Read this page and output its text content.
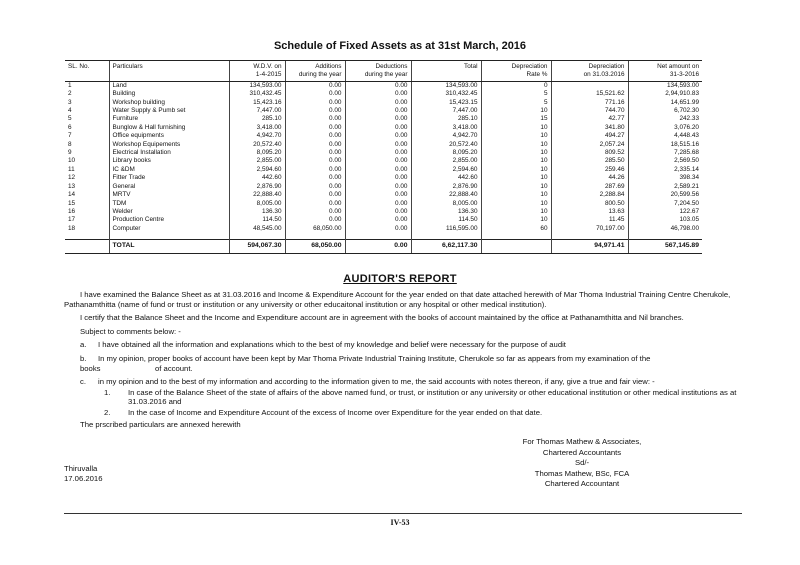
Schedule of Fixed Assets as at 31st March, 2016
SL. No.	Particulars	W.D.V. on	Additions	Deductions	Total	Depreciation	Depreciation	Net amount on
		1-4-2015	during the year	during the year		Rate %	on 31.03.2016	31-3-2016
1	Land	134,593.00	0.00	0.00	134,593.00	0		134,593.00
2	Building	310,432.45	0.00	0.00	310,432.45	5	15,521.62	2,94,910.83
3	Workshop building	15,423.16	0.00	0.00	15,423.15	5	771.16	14,651.99
4	Water Supply & Pumb set	7,447.00	0.00	0.00	7,447.00	10	744.70	6,702.30
5	Furniture	285.10	0.00	0.00	285.10	15	42.77	242.33
6	Bunglow & Hall furnishing	3,418.00	0.00	0.00	3,418.00	10	341.80	3,076.20
7	Office equipments	4,942.70	0.00	0.00	4,942.70	10	494.27	4,448.43
8	Workshop Equipements	20,572.40	0.00	0.00	20,572.40	10	2,057.24	18,515.16
9	Electrical Installation	8,095.20	0.00	0.00	8,095.20	10	809.52	7,285.68
10	Library books	2,855.00	0.00	0.00	2,855.00	10	285.50	2,569.50
11	IC &DM	2,594.60	0.00	0.00	2,594.60	10	259.46	2,335.14
12	Fitter Trade	442.60	0.00	0.00	442.60	10	44.26	398.34
13	General	2,876.90	0.00	0.00	2,876.90	10	287.69	2,589.21
14	MRTV	22,888.40	0.00	0.00	22,888.40	10	2,288.84	20,599.56
15	TDM	8,005.00	0.00	0.00	8,005.00	10	800.50	7,204.50
16	Welder	136.30	0.00	0.00	136.30	10	13.63	122.67
17	Production Centre	114.50	0.00	0.00	114.50	10	11.45	103.05
18	Computer	48,545.00	68,050.00	0.00	116,595.00	60	70,197.00	46,798.00

	TOTAL	594,067.30	68,050.00	0.00	6,62,117.30		94,971.41	567,145.89
AUDITOR'S REPORT

I have examined the Balance Sheet as at 31.03.2016 and Income & Expenditure Account for the year ended on that date attached herewith of Mar Thoma Industrial Training Centre Cherukole, Pathanamthitta (name of fund or trust or institution or any university or other educaitonal institution or any hospital or other medical institution).

I certify that the Balance Sheet and the Income and Expenditure account are in agreement with the books of account maintained by the office at Pathanamthitta and Nil branches.

Subject to comments below: -

a.	I have obtained all the information and explanations which to the best of my knowledge and belief were necessary for the purpose of audit
b.	In my opinion, proper books of account have been kept by Mar Thoma Private Industrial Training Institute, Cherukole so far as appears from my examination of the
books	of account.
c.	in my opinion and to the best of my information and according to the information given to me, the said accounts with notes thereon, if any, give a true and fair view: -
1.	In case of the Balance Sheet of the state of affairs of the above named fund, or trust, or institution or any university or other educational institution or other medical institutions as at 31.03.2016 and
2.	In the case of Income and Expenditure Account of the excess of Income over Expenditure for the year ended on that date.

The prscribed particulars are annexed herewith

For Thomas Mathew & Associates,
Chartered Accountants
Sd/-
Thomas Mathew, BSc, FCA
Chartered Accountant
Thiruvalla
17.06.2016
IV-53
